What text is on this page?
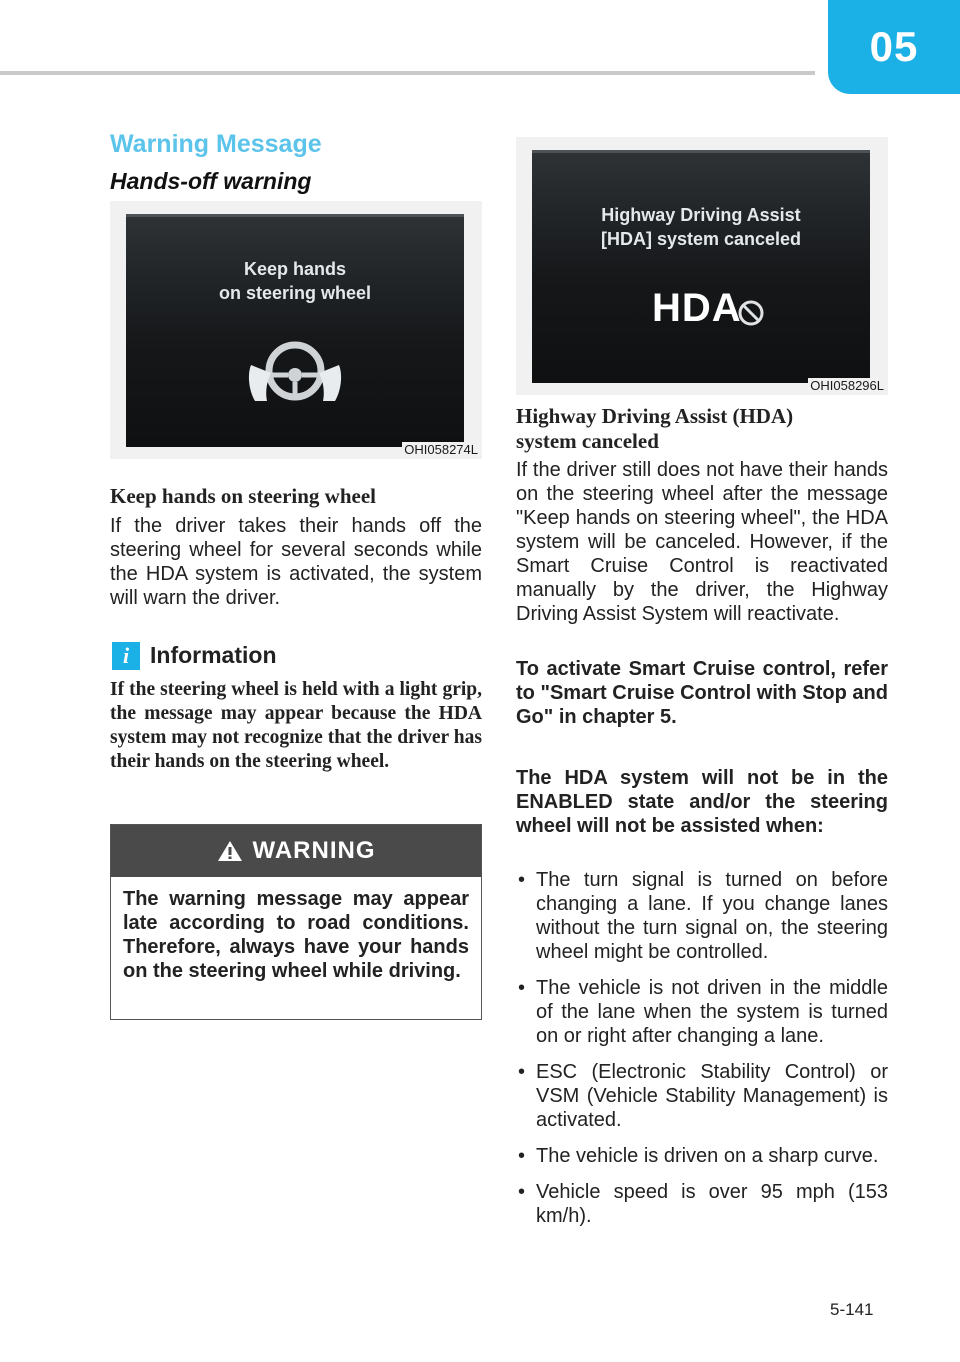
05
Warning Message
Hands-off warning
Keep hands
on steering wheel
OHI058274L
Keep hands on steering wheel
If the driver takes their hands off the steering wheel for several seconds while the HDA system is activated, the system will warn the driver.
i Information
If the steering wheel is held with a light grip, the message may appear because the HDA system may not recognize that the driver has their hands on the steering wheel.
WARNING
The warning message may appear late according to road conditions. Therefore, always have your hands on the steering wheel while driving.
Highway Driving Assist
[HDA] system canceled
HDA
OHI058296L
Highway Driving Assist (HDA)
system canceled
If the driver still does not have their hands on the steering wheel after the message "Keep hands on steering wheel", the HDA system will be canceled. However, if the Smart Cruise Control is reactivated manually by the driver, the Highway Driving Assist System will reactivate.
To activate Smart Cruise control, refer to "Smart Cruise Control with Stop and Go" in chapter 5.
The HDA system will not be in the ENABLED state and/or the steering wheel will not be assisted when:
• The turn signal is turned on before changing a lane. If you change lanes without the turn signal on, the steering wheel might be controlled.
• The vehicle is not driven in the middle of the lane when the system is turned on or right after changing a lane.
• ESC (Electronic Stability Control) or VSM (Vehicle Stability Management) is activated.
• The vehicle is driven on a sharp curve.
• Vehicle speed is over 95 mph (153 km/h).
5-141
